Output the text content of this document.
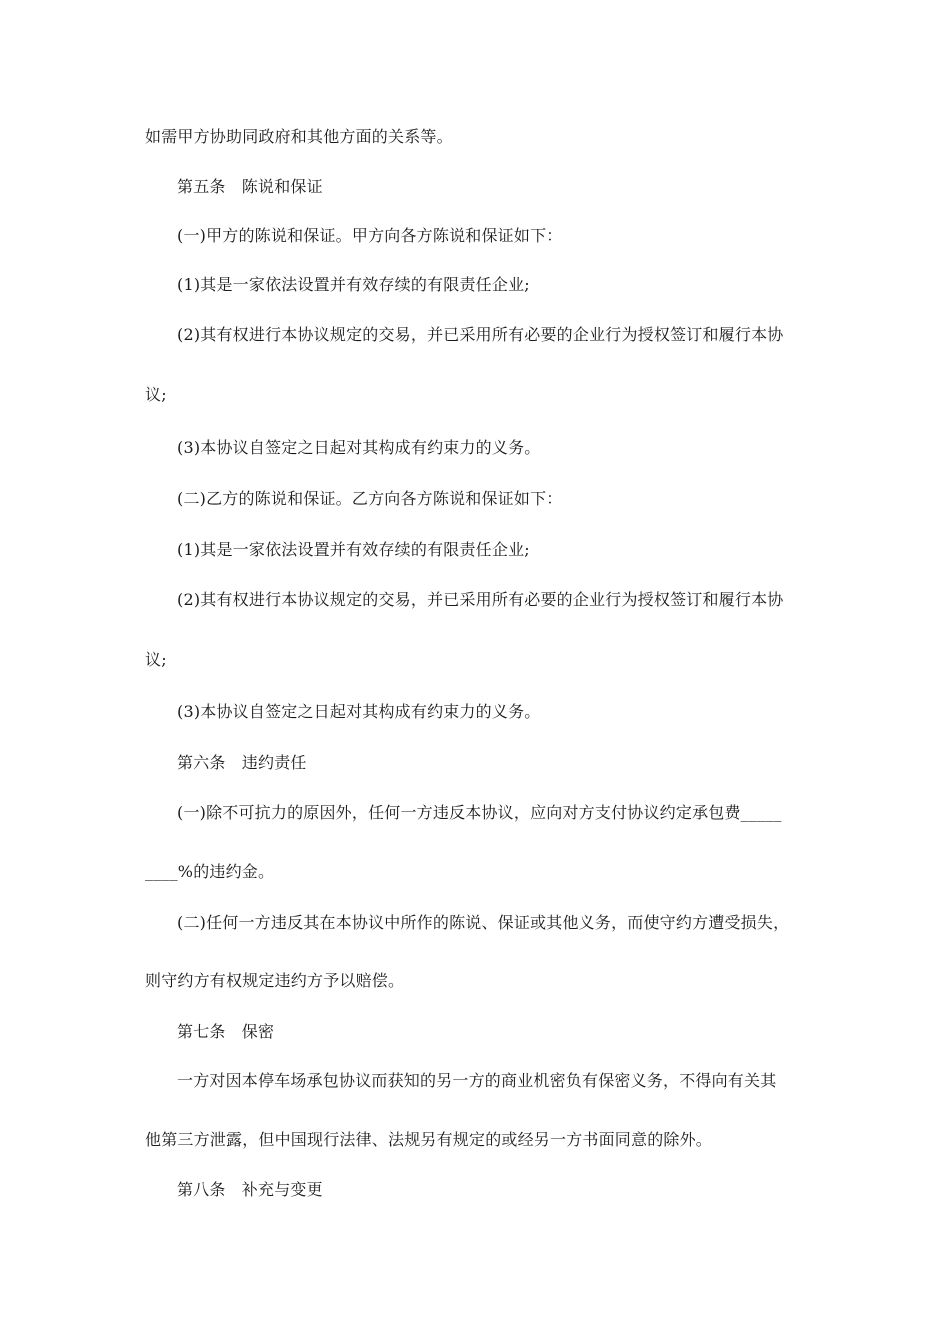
如需甲方协助同政府和其他方面的关系等。
第五条　陈说和保证
(一)甲方的陈说和保证。甲方向各方陈说和保证如下：
(1)其是一家依法设置并有效存续的有限责任企业;
(2)其有权进行本协议规定的交易，并已采用所有必要的企业行为授权签订和履行本协
议;
(3)本协议自签定之日起对其构成有约束力的义务。
(二)乙方的陈说和保证。乙方向各方陈说和保证如下：
(1)其是一家依法设置并有效存续的有限责任企业;
(2)其有权进行本协议规定的交易，并已采用所有必要的企业行为授权签订和履行本协
议;
(3)本协议自签定之日起对其构成有约束力的义务。
第六条　违约责任
(一)除不可抗力的原因外，任何一方违反本协议，应向对方支付协议约定承包费_____
____%的违约金。
(二)任何一方违反其在本协议中所作的陈说、保证或其他义务，而使守约方遭受损失，
则守约方有权规定违约方予以赔偿。
第七条　保密
一方对因本停车场承包协议而获知的另一方的商业机密负有保密义务，不得向有关其
他第三方泄露，但中国现行法律、法规另有规定的或经另一方书面同意的除外。
第八条　补充与变更
